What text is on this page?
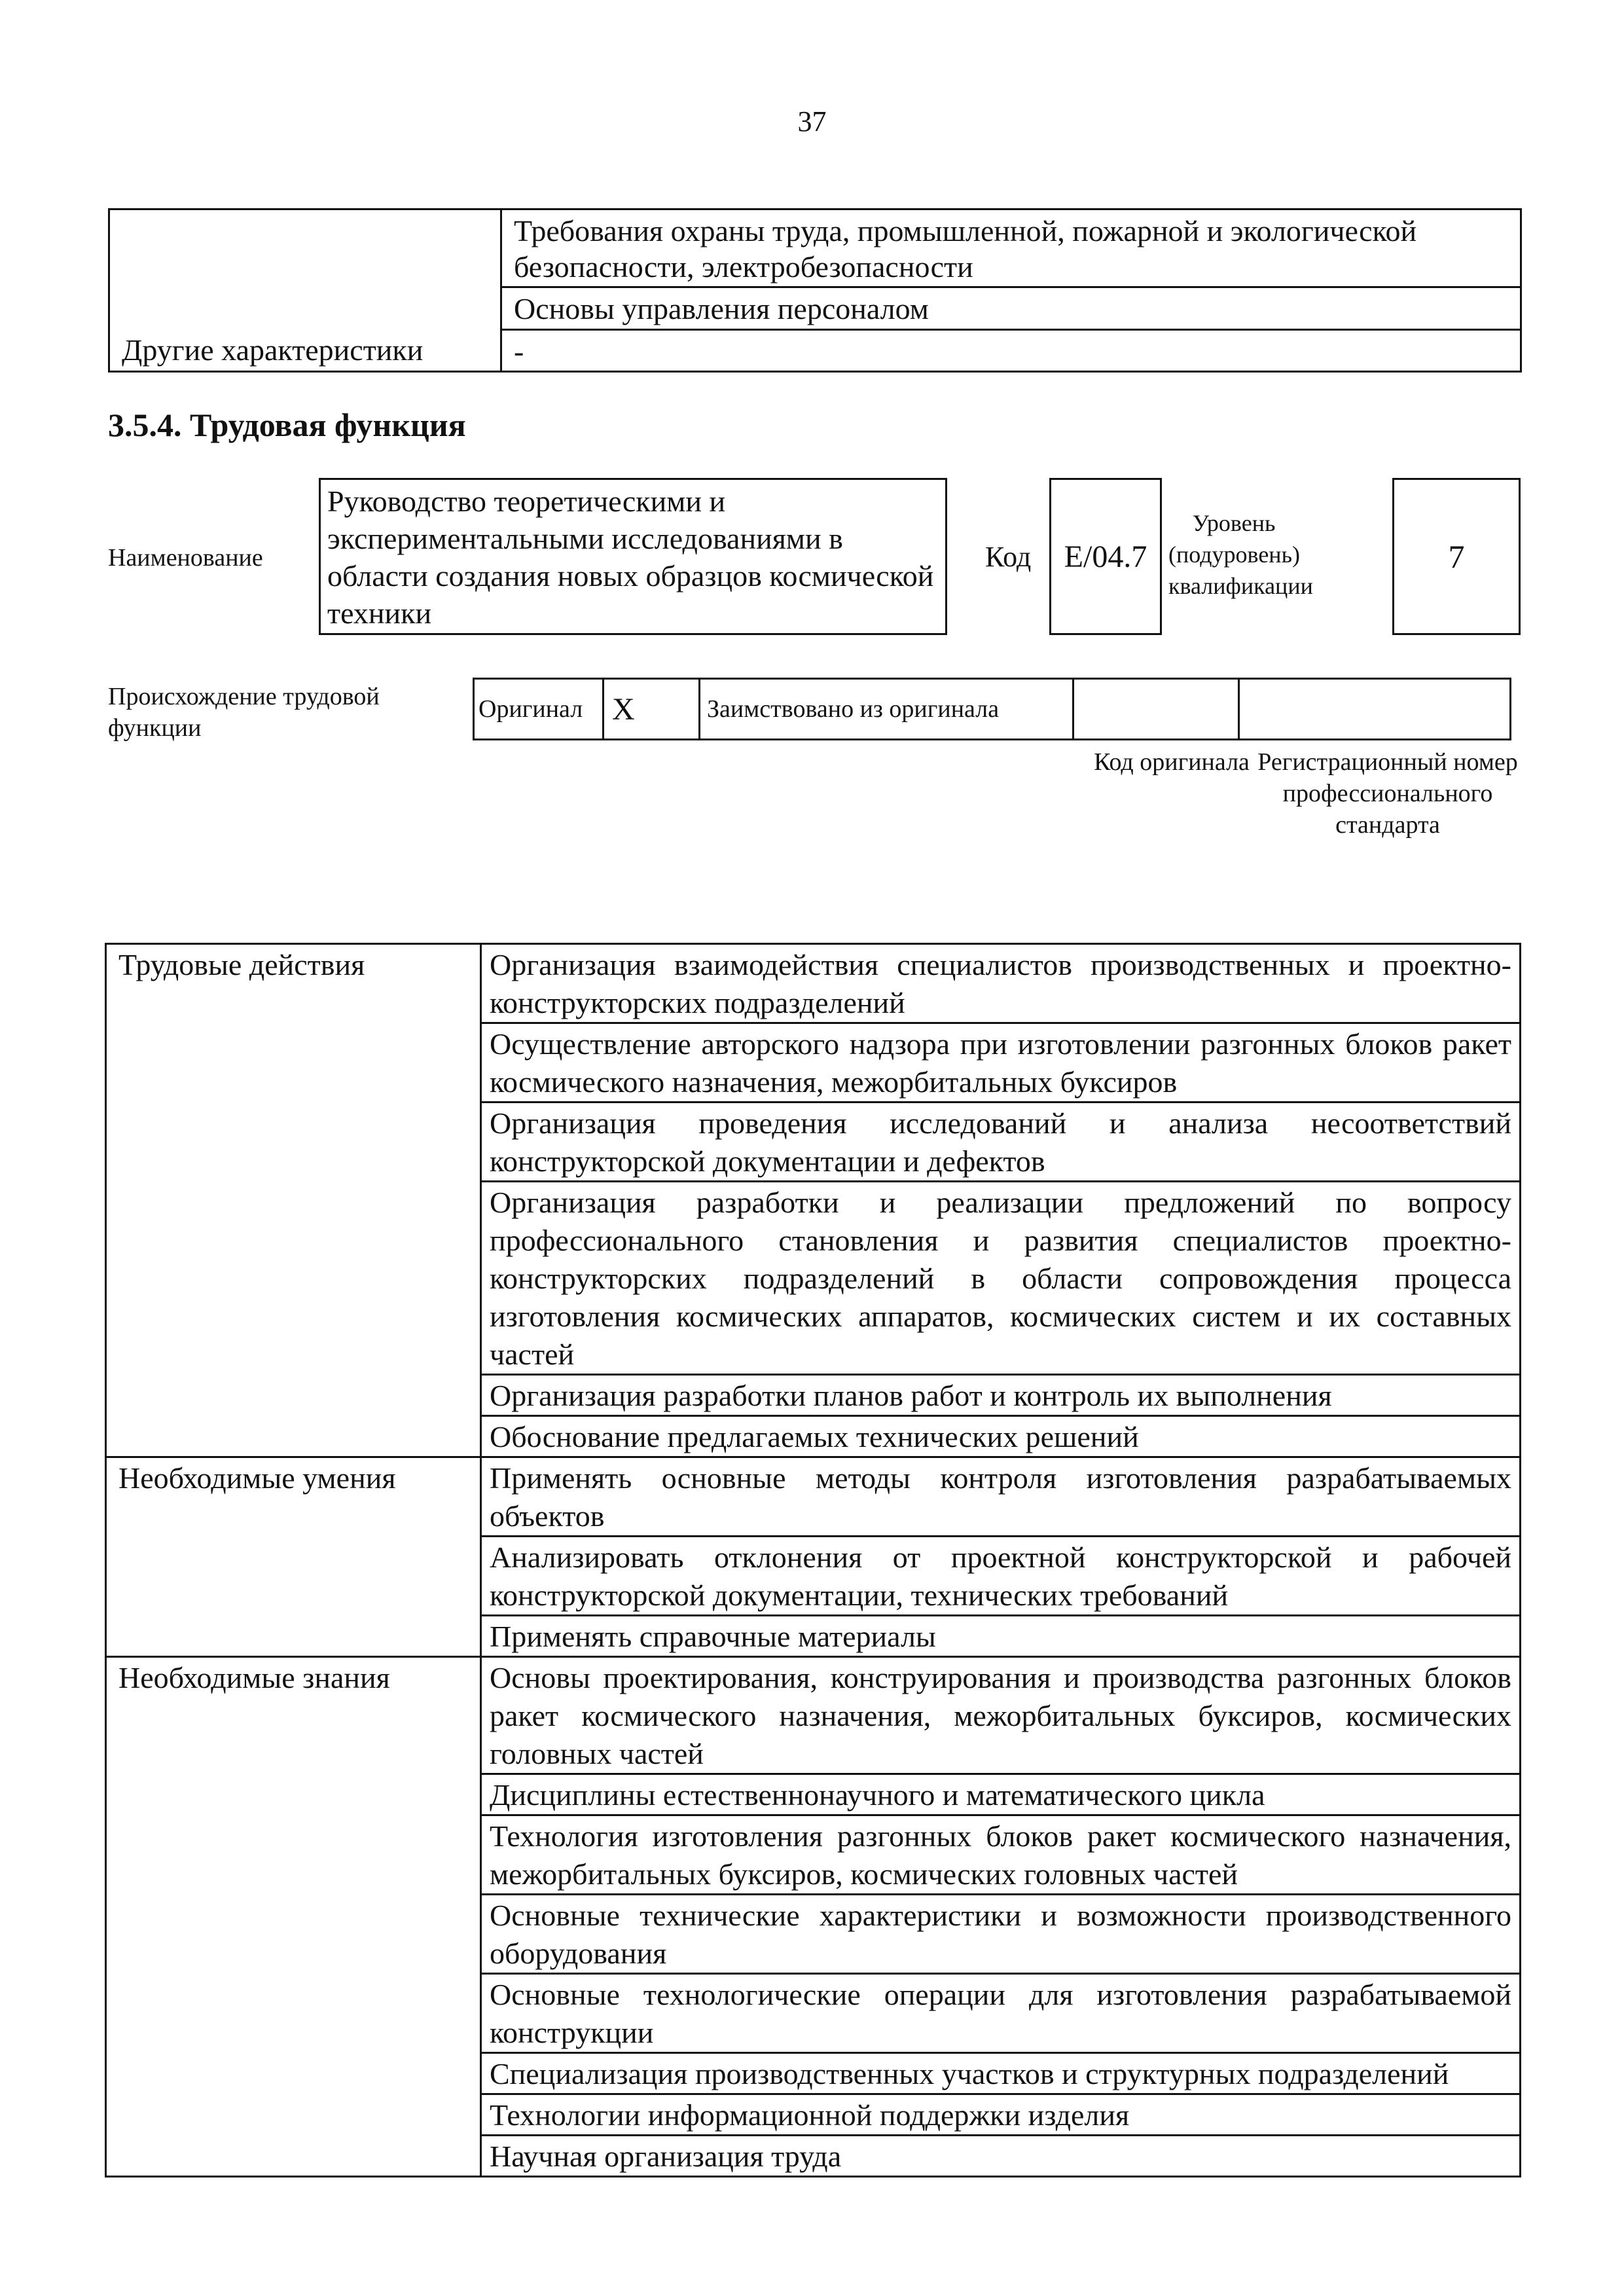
37
	Требования охраны труда, промышленной, пожарной и экологической безопасности, электробезопасности
	Основы управления персоналом
Другие характеристики	-
3.5.4. Трудовая функция
Наименование
Руководство теоретическими и экспериментальными исследованиями в области создания новых образцов космической техники
Код	E/04.7
Уровень (подуровень) квалификации
7
Происхождение трудовой функции
Оригинал	X	Заимствовано из оригинала		
Код оригинала Регистрационный номер профессионального стандарта
Трудовые действия	Организация взаимодействия специалистов производственных и проектно-конструкторских подразделений
	Осуществление авторского надзора при изготовлении разгонных блоков ракет космического назначения, межорбитальных буксиров
	Организация проведения исследований и анализа несоответствий конструкторской документации и дефектов
	Организация разработки и реализации предложений по вопросу профессионального становления и развития специалистов проектно-конструкторских подразделений в области сопровождения процесса изготовления космических аппаратов, космических систем и их составных частей
	Организация разработки планов работ и контроль их выполнения
	Обоснование предлагаемых технических решений
Необходимые умения	Применять основные методы контроля изготовления разрабатываемых объектов
	Анализировать отклонения от проектной конструкторской и рабочей конструкторской документации, технических требований
	Применять справочные материалы
Необходимые знания	Основы проектирования, конструирования и производства разгонных блоков ракет космического назначения, межорбитальных буксиров, космических головных частей
	Дисциплины естественнонаучного и математического цикла
	Технология изготовления разгонных блоков ракет космического назначения, межорбитальных буксиров, космических головных частей
	Основные технические характеристики и возможности производственного оборудования
	Основные технологические операции для изготовления разрабатываемой конструкции
	Специализация производственных участков и структурных подразделений
	Технологии информационной поддержки изделия
	Научная организация труда
